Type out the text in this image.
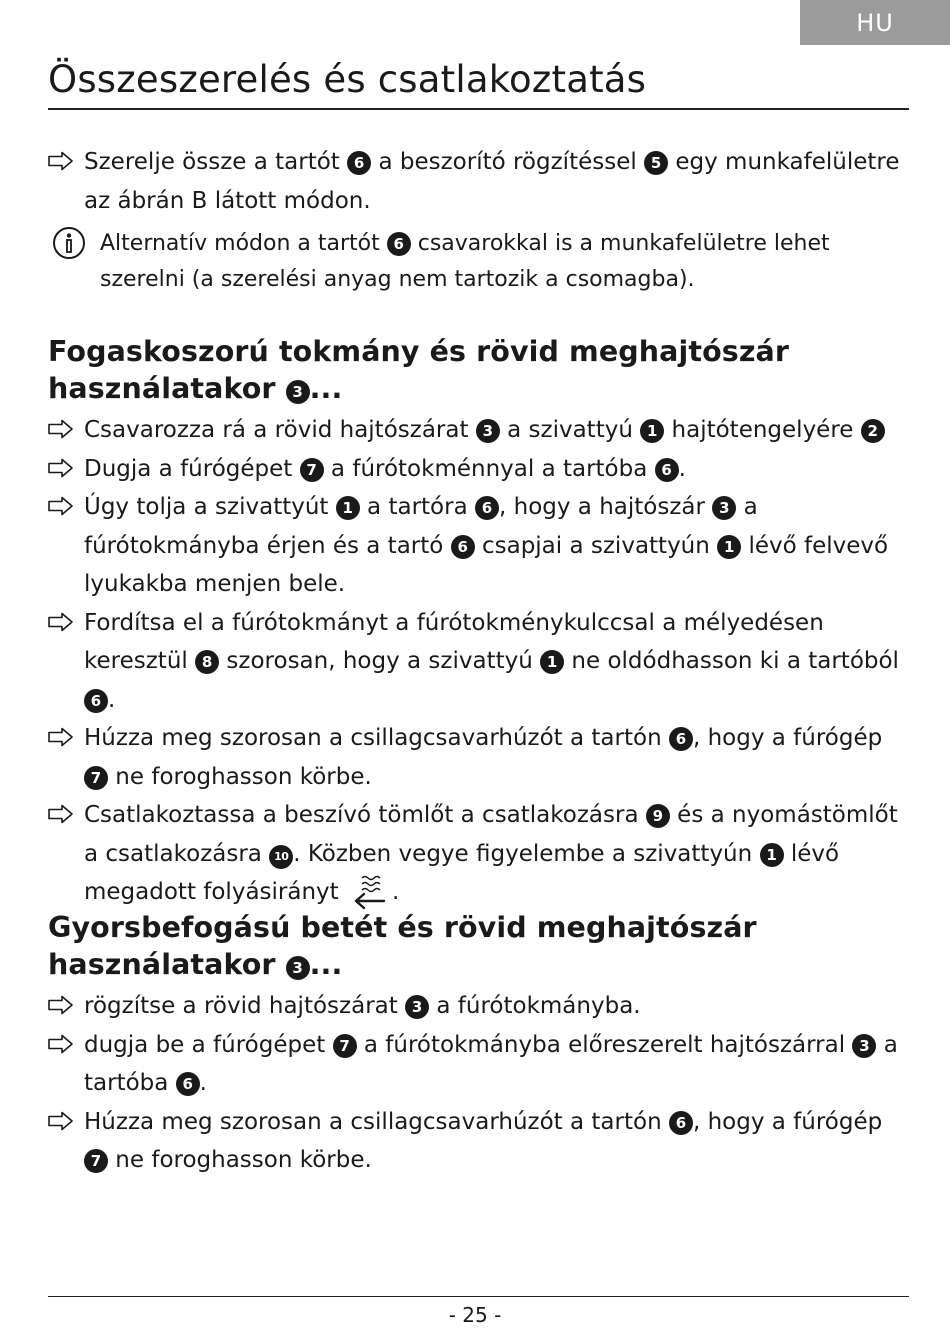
HU
Összeszerelés és csatlakoztatás
Szerelje össze a tartót 6 a beszorító rögzítéssel 5 egy munkafelületre az ábrán B látott módon.
Alternatív módon a tartót 6 csavarokkal is a munkafelületre lehet szerelni (a szerelési anyag nem tartozik a csomagba).
Fogaskoszorú tokmány és rövid meghajtószár használatakor 3 ...
Csavarozza rá a rövid hajtószárat 3 a szivattyú 1 hajtótengelyére 2
Dugja a fúrógépet 7 a fúrótokménnyal a tartóba 6 .
Úgy tolja a szivattyút 1 a tartóra 6 , hogy a hajtószár 3 a fúrótokmányba érjen és a tartó 6 csapjai a szivattyún 1 lévő felvevő lyukakba menjen bele.
Fordítsa el a fúrótokmányt a fúrótokménykulccsal a mélyedésen keresztül 8 szorosan, hogy a szivattyú 1 ne oldódhasson ki a tartóból 6 .
Húzza meg szorosan a csillagcsavarhúzót a tartón 6 , hogy a fúrógép 7 ne foroghasson körbe.
Csatlakoztassa a beszívó tömlőt a csatlakozásra 9 és a nyomástömlőt a csatlakozásra 10 . Közben vegye figyelembe a szivattyún 1 lévő megadott folyásirányt .
Gyorsbefogású betét és rövid meghajtószár használatakor 3 ...
rögzítse a rövid hajtószárat 3 a fúrótokmányba.
dugja be a fúrógépet 7 a fúrótokmányba előreszerelt hajtószárral 3 a tartóba 6 .
Húzza meg szorosan a csillagcsavarhúzót a tartón 6 , hogy a fúrógép 7 ne foroghasson körbe.
- 25 -
